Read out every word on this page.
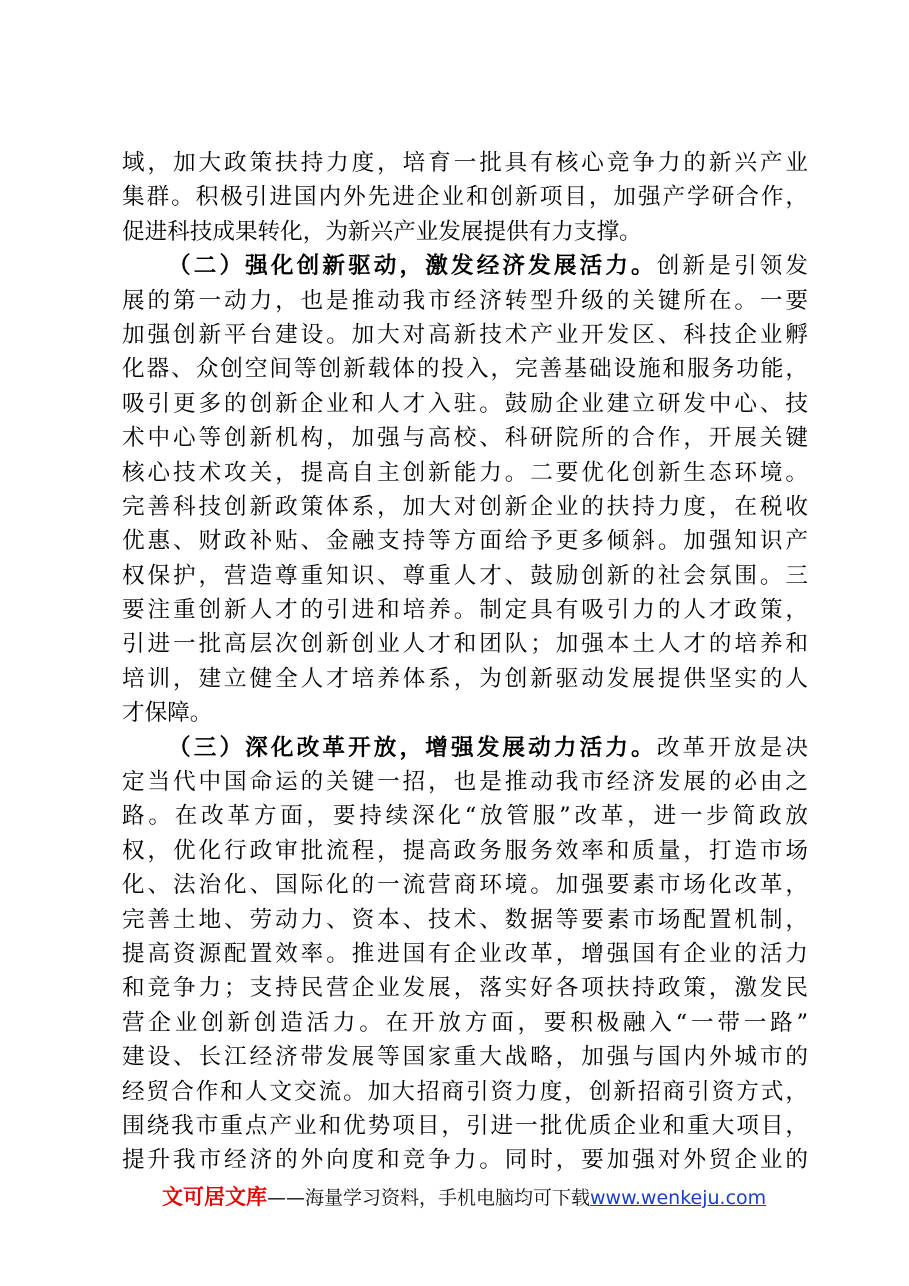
域，加大政策扶持力度，培育一批具有核心竞争力的新兴产业
集群。积极引进国内外先进企业和创新项目，加强产学研合作，
促进科技成果转化，为新兴产业发展提供有力支撑。
（二）强化创新驱动，激发经济发展活力。创新是引领发
展的第一动力，也是推动我市经济转型升级的关键所在。一要
加强创新平台建设。加大对高新技术产业开发区、科技企业孵
化器、众创空间等创新载体的投入，完善基础设施和服务功能，
吸引更多的创新企业和人才入驻。鼓励企业建立研发中心、技
术中心等创新机构，加强与高校、科研院所的合作，开展关键
核心技术攻关，提高自主创新能力。二要优化创新生态环境。
完善科技创新政策体系，加大对创新企业的扶持力度，在税收
优惠、财政补贴、金融支持等方面给予更多倾斜。加强知识产
权保护，营造尊重知识、尊重人才、鼓励创新的社会氛围。三
要注重创新人才的引进和培养。制定具有吸引力的人才政策，
引进一批高层次创新创业人才和团队；加强本土人才的培养和
培训，建立健全人才培养体系，为创新驱动发展提供坚实的人
才保障。
（三）深化改革开放，增强发展动力活力。改革开放是决
定当代中国命运的关键一招，也是推动我市经济发展的必由之
路。在改革方面，要持续深化“放管服”改革，进一步简政放
权，优化行政审批流程，提高政务服务效率和质量，打造市场
化、法治化、国际化的一流营商环境。加强要素市场化改革，
完善土地、劳动力、资本、技术、数据等要素市场配置机制，
提高资源配置效率。推进国有企业改革，增强国有企业的活力
和竞争力；支持民营企业发展，落实好各项扶持政策，激发民
营企业创新创造活力。在开放方面，要积极融入“一带一路”
建设、长江经济带发展等国家重大战略，加强与国内外城市的
经贸合作和人文交流。加大招商引资力度，创新招商引资方式，
围绕我市重点产业和优势项目，引进一批优质企业和重大项目，
提升我市经济的外向度和竞争力。同时，要加强对外贸企业的
文可居文库——海量学习资料，手机电脑均可下载www.wenkeju.com
